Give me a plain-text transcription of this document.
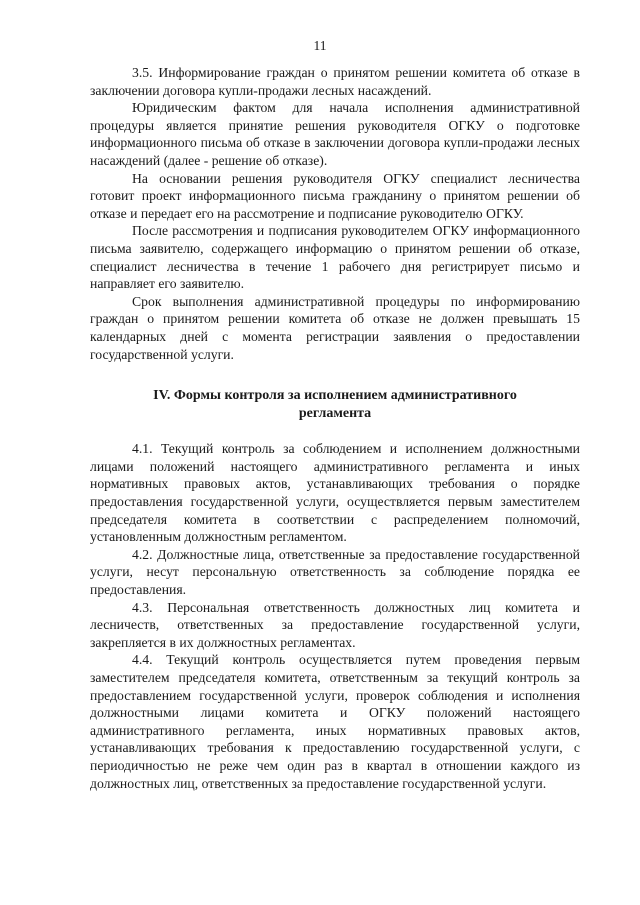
11

3.5. Информирование граждан о принятом решении комитета об отказе в заключении договора купли-продажи лесных насаждений.

Юридическим фактом для начала исполнения административной процедуры является принятие решения руководителя ОГКУ о подготовке информационного письма об отказе в заключении договора купли-продажи лесных насаждений (далее - решение об отказе).

На основании решения руководителя ОГКУ специалист лесничества готовит проект информационного письма гражданину о принятом решении об отказе и передает его на рассмотрение и подписание руководителю ОГКУ.

После рассмотрения и подписания руководителем ОГКУ информационного письма заявителю, содержащего информацию о принятом решении об отказе, специалист лесничества в течение 1 рабочего дня регистрирует письмо и направляет его заявителю.

Срок выполнения административной процедуры по информированию граждан о принятом решении комитета об отказе не должен превышать 15 календарных дней с момента регистрации заявления о предоставлении государственной услуги.

IV. Формы контроля за исполнением административного регламента

4.1. Текущий контроль за соблюдением и исполнением должностными лицами положений настоящего административного регламента и иных нормативных правовых актов, устанавливающих требования о порядке предоставления государственной услуги, осуществляется первым заместителем председателя комитета в соответствии с распределением полномочий, установленным должностным регламентом.

4.2. Должностные лица, ответственные за предоставление государственной услуги, несут персональную ответственность за соблюдение порядка ее предоставления.

4.3. Персональная ответственность должностных лиц комитета и лесничеств, ответственных за предоставление государственной услуги, закрепляется в их должностных регламентах.

4.4. Текущий контроль осуществляется путем проведения первым заместителем председателя комитета, ответственным за текущий контроль за предоставлением государственной услуги, проверок соблюдения и исполнения должностными лицами комитета и ОГКУ положений настоящего административного регламента, иных нормативных правовых актов, устанавливающих требования к предоставлению государственной услуги, с периодичностью не реже чем один раз в квартал в отношении каждого из должностных лиц, ответственных за предоставление государственной услуги.
